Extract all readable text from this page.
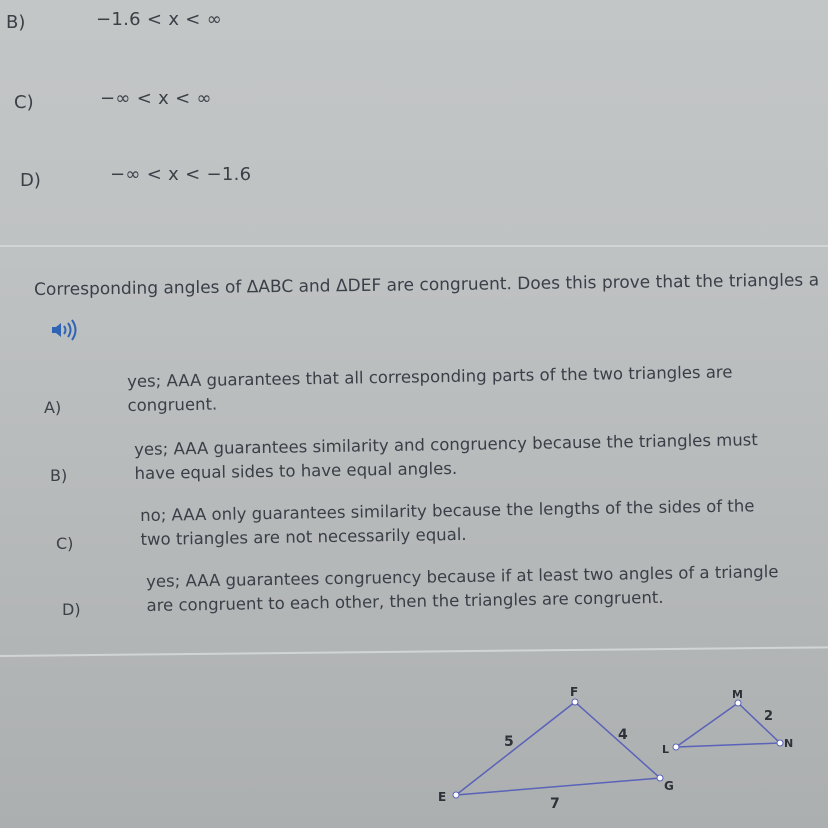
B)	−1.6 < x < ∞
C)	−∞ < x < ∞
D)	−∞ < x < −1.6
Corresponding angles of ΔABC and ΔDEF are congruent. Does this prove that the triangles a
A)
yes; AAA guarantees that all corresponding parts of the two triangles are
congruent.
B)
yes; AAA guarantees similarity and congruency because the triangles must
have equal sides to have equal angles.
C)
no; AAA only guarantees similarity because the lengths of the sides of the
two triangles are not necessarily equal.
D)
yes; AAA guarantees congruency because if at least two angles of a triangle
are congruent to each other, then the triangles are congruent.
E
F
G
5	4
7
L
M
N
2
